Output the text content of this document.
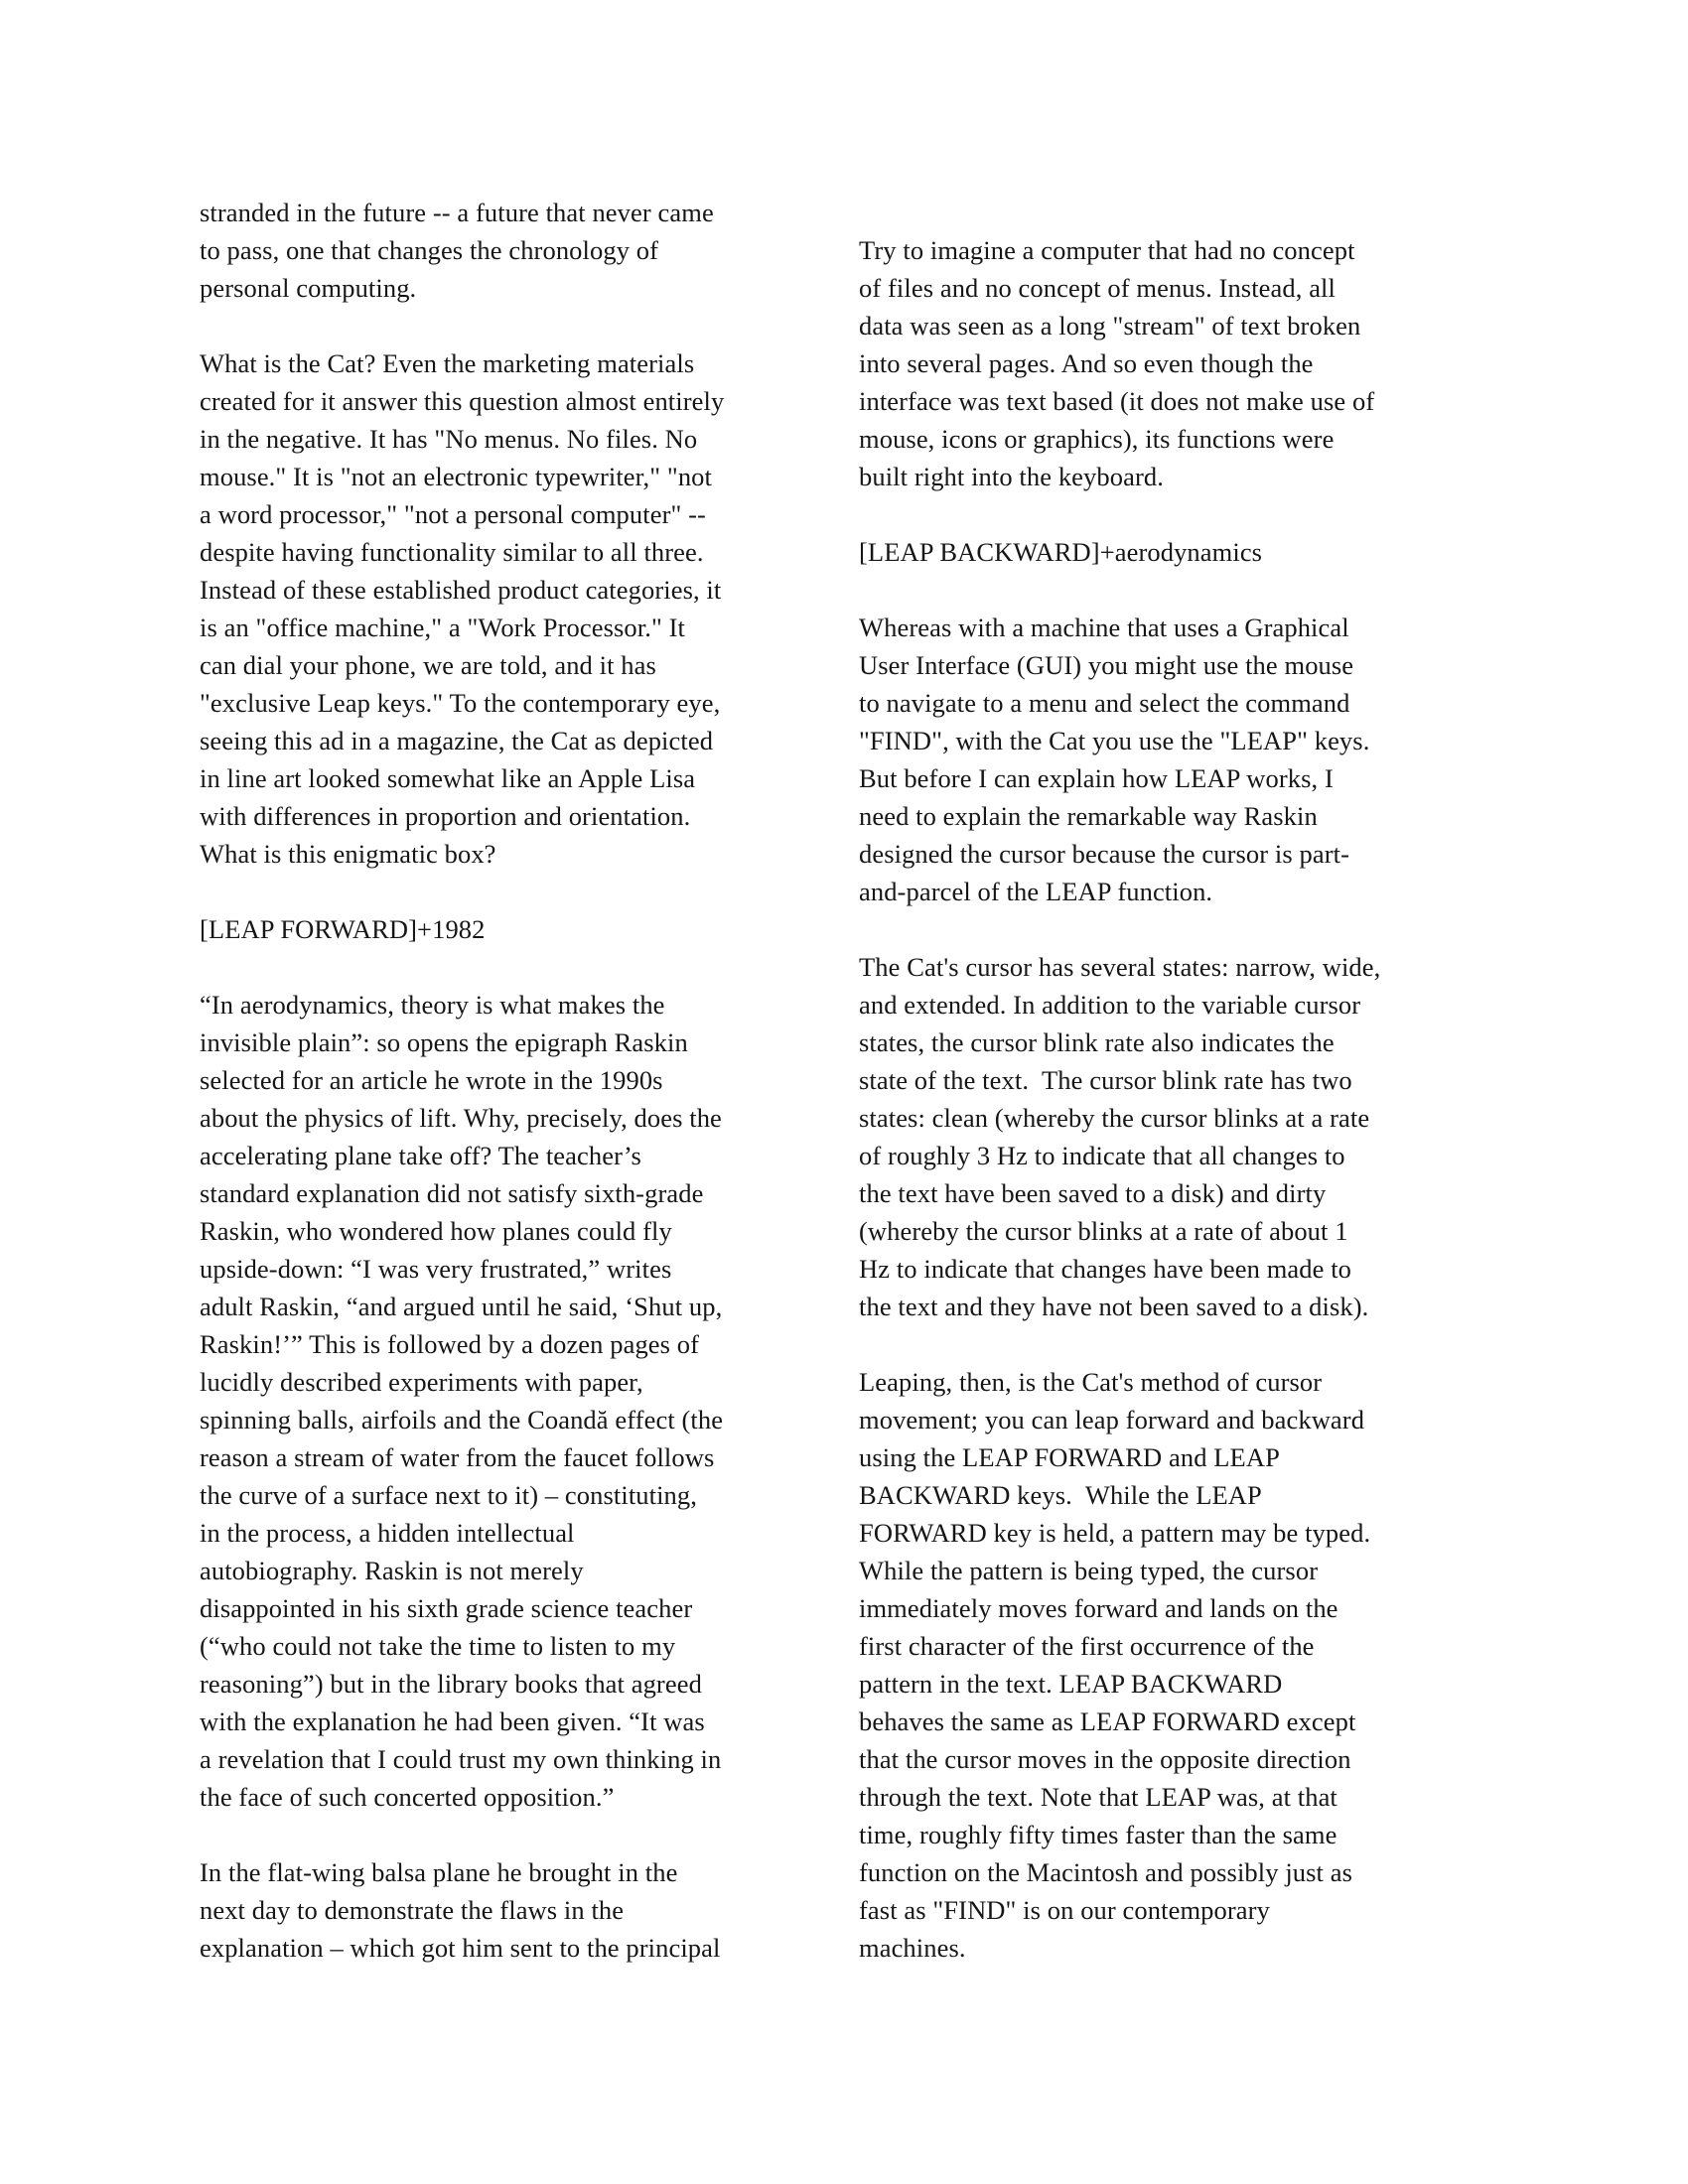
stranded in the future -- a future that never came
to pass, one that changes the chronology of
personal computing.
What is the Cat? Even the marketing materials
created for it answer this question almost entirely
in the negative. It has "No menus. No files. No
mouse." It is "not an electronic typewriter," "not
a word processor," "not a personal computer" --
despite having functionality similar to all three.
Instead of these established product categories, it
is an "office machine," a "Work Processor." It
can dial your phone, we are told, and it has
"exclusive Leap keys." To the contemporary eye,
seeing this ad in a magazine, the Cat as depicted
in line art looked somewhat like an Apple Lisa
with differences in proportion and orientation.
What is this enigmatic box?
[LEAP FORWARD]+1982
“In aerodynamics, theory is what makes the
invisible plain”: so opens the epigraph Raskin
selected for an article he wrote in the 1990s
about the physics of lift. Why, precisely, does the
accelerating plane take off? The teacher’s
standard explanation did not satisfy sixth-grade
Raskin, who wondered how planes could fly
upside-down: “I was very frustrated,” writes
adult Raskin, “and argued until he said, ‘Shut up,
Raskin!’” This is followed by a dozen pages of
lucidly described experiments with paper,
spinning balls, airfoils and the Coandă effect (the
reason a stream of water from the faucet follows
the curve of a surface next to it) – constituting,
in the process, a hidden intellectual
autobiography. Raskin is not merely
disappointed in his sixth grade science teacher
(“who could not take the time to listen to my
reasoning”) but in the library books that agreed
with the explanation he had been given. “It was
a revelation that I could trust my own thinking in
the face of such concerted opposition.”
In the flat-wing balsa plane he brought in the
next day to demonstrate the flaws in the
explanation – which got him sent to the principal
Try to imagine a computer that had no concept
of files and no concept of menus. Instead, all
data was seen as a long "stream" of text broken
into several pages. And so even though the
interface was text based (it does not make use of
mouse, icons or graphics), its functions were
built right into the keyboard.
[LEAP BACKWARD]+aerodynamics
Whereas with a machine that uses a Graphical
User Interface (GUI) you might use the mouse
to navigate to a menu and select the command
"FIND", with the Cat you use the "LEAP" keys.
But before I can explain how LEAP works, I
need to explain the remarkable way Raskin
designed the cursor because the cursor is part-
and-parcel of the LEAP function.
The Cat's cursor has several states: narrow, wide,
and extended. In addition to the variable cursor
states, the cursor blink rate also indicates the
state of the text.  The cursor blink rate has two
states: clean (whereby the cursor blinks at a rate
of roughly 3 Hz to indicate that all changes to
the text have been saved to a disk) and dirty
(whereby the cursor blinks at a rate of about 1
Hz to indicate that changes have been made to
the text and they have not been saved to a disk).
Leaping, then, is the Cat's method of cursor
movement; you can leap forward and backward
using the LEAP FORWARD and LEAP
BACKWARD keys.  While the LEAP
FORWARD key is held, a pattern may be typed.
While the pattern is being typed, the cursor
immediately moves forward and lands on the
first character of the first occurrence of the
pattern in the text. LEAP BACKWARD
behaves the same as LEAP FORWARD except
that the cursor moves in the opposite direction
through the text. Note that LEAP was, at that
time, roughly fifty times faster than the same
function on the Macintosh and possibly just as
fast as "FIND" is on our contemporary
machines.
